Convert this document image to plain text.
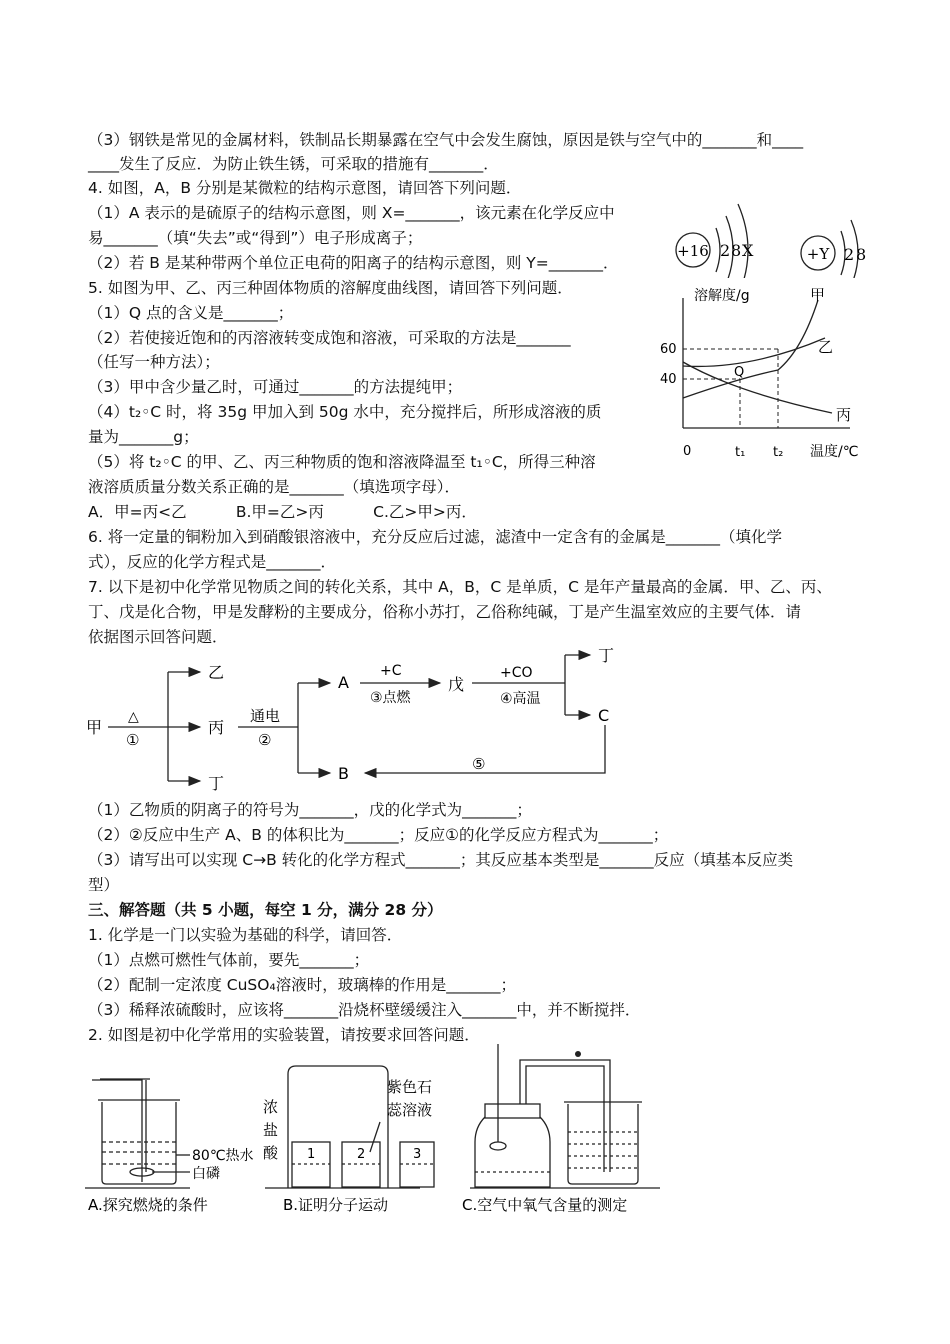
（3）钢铁是常见的金属材料，铁制品长期暴露在空气中会发生腐蚀，原因是铁与空气中的_______和____
____发生了反应．为防止铁生锈，可采取的措施有_______．
4. 如图，A，B 分别是某微粒的结构示意图，请回答下列问题．
（1）A 表示的是硫原子的结构示意图，则 X=_______，该元素在化学反应中
易_______（填“失去”或“得到”）电子形成离子；
（2）若 B 是某种带两个单位正电荷的阳离子的结构示意图，则 Y=_______．
5. 如图为甲、乙、丙三种固体物质的溶解度曲线图，请回答下列问题．
（1）Q 点的含义是_______；
（2）若使接近饱和的丙溶液转变成饱和溶液，可采取的方法是_______
（任写一种方法）；
（3）甲中含少量乙时，可通过_______的方法提纯甲；
（4）t₂◦C 时，将 35g 甲加入到 50g 水中，充分搅拌后，所形成溶液的质
量为_______g；
（5）将 t₂◦C 的甲、乙、丙三种物质的饱和溶液降温至 t₁◦C，所得三种溶
液溶质质量分数关系正确的是_______（填选项字母）．
A．甲=丙<乙          B.甲=乙>丙          C.乙>甲>丙．
6. 将一定量的铜粉加入到硝酸银溶液中，充分反应后过滤，滤渣中一定含有的金属是_______（填化学
式），反应的化学方程式是_______．
7. 以下是初中化学常见物质之间的转化关系，其中 A，B，C 是单质，C 是年产量最高的金属．甲、乙、丙、
丁、戊是化合物，甲是发酵粉的主要成分，俗称小苏打，乙俗称纯碱，丁是产生温室效应的主要气体．请
依据图示回答问题．
（1）乙物质的阴离子的符号为_______，戊的化学式为_______；
（2）②反应中生产 A、B 的体积比为_______；反应①的化学反应方程式为_______；
（3）请写出可以实现 C→B 转化的化学方程式_______；其反应基本类型是_______反应（填基本反应类
型）
三、解答题（共 5 小题，每空 1 分，满分 28 分）
1. 化学是一门以实验为基础的科学，请回答．
（1）点燃可燃性气体前，要先_______；
（2）配制一定浓度 CuSO₄溶液时，玻璃棒的作用是_______；
（3）稀释浓硫酸时，应该将_______沿烧杯壁缓缓注入_______中，并不断搅拌．
2. 如图是初中化学常用的实验装置，请按要求回答问题．
+16 2 8 X	+Y 2 8
溶解度/g	甲
乙
丙
60
40	Q
0	t₁ t₂ 温度/℃
甲
△
①
乙
丙
丁
通电
②
A
B
+C
③点燃
戊
+CO
④高温
丁
C
⑤
80℃热水
白磷
A.探究燃烧的条件
浓
盐
酸
紫色石
蕊溶液
1	2	3
B.证明分子运动	C.空气中氧气含量的测定
